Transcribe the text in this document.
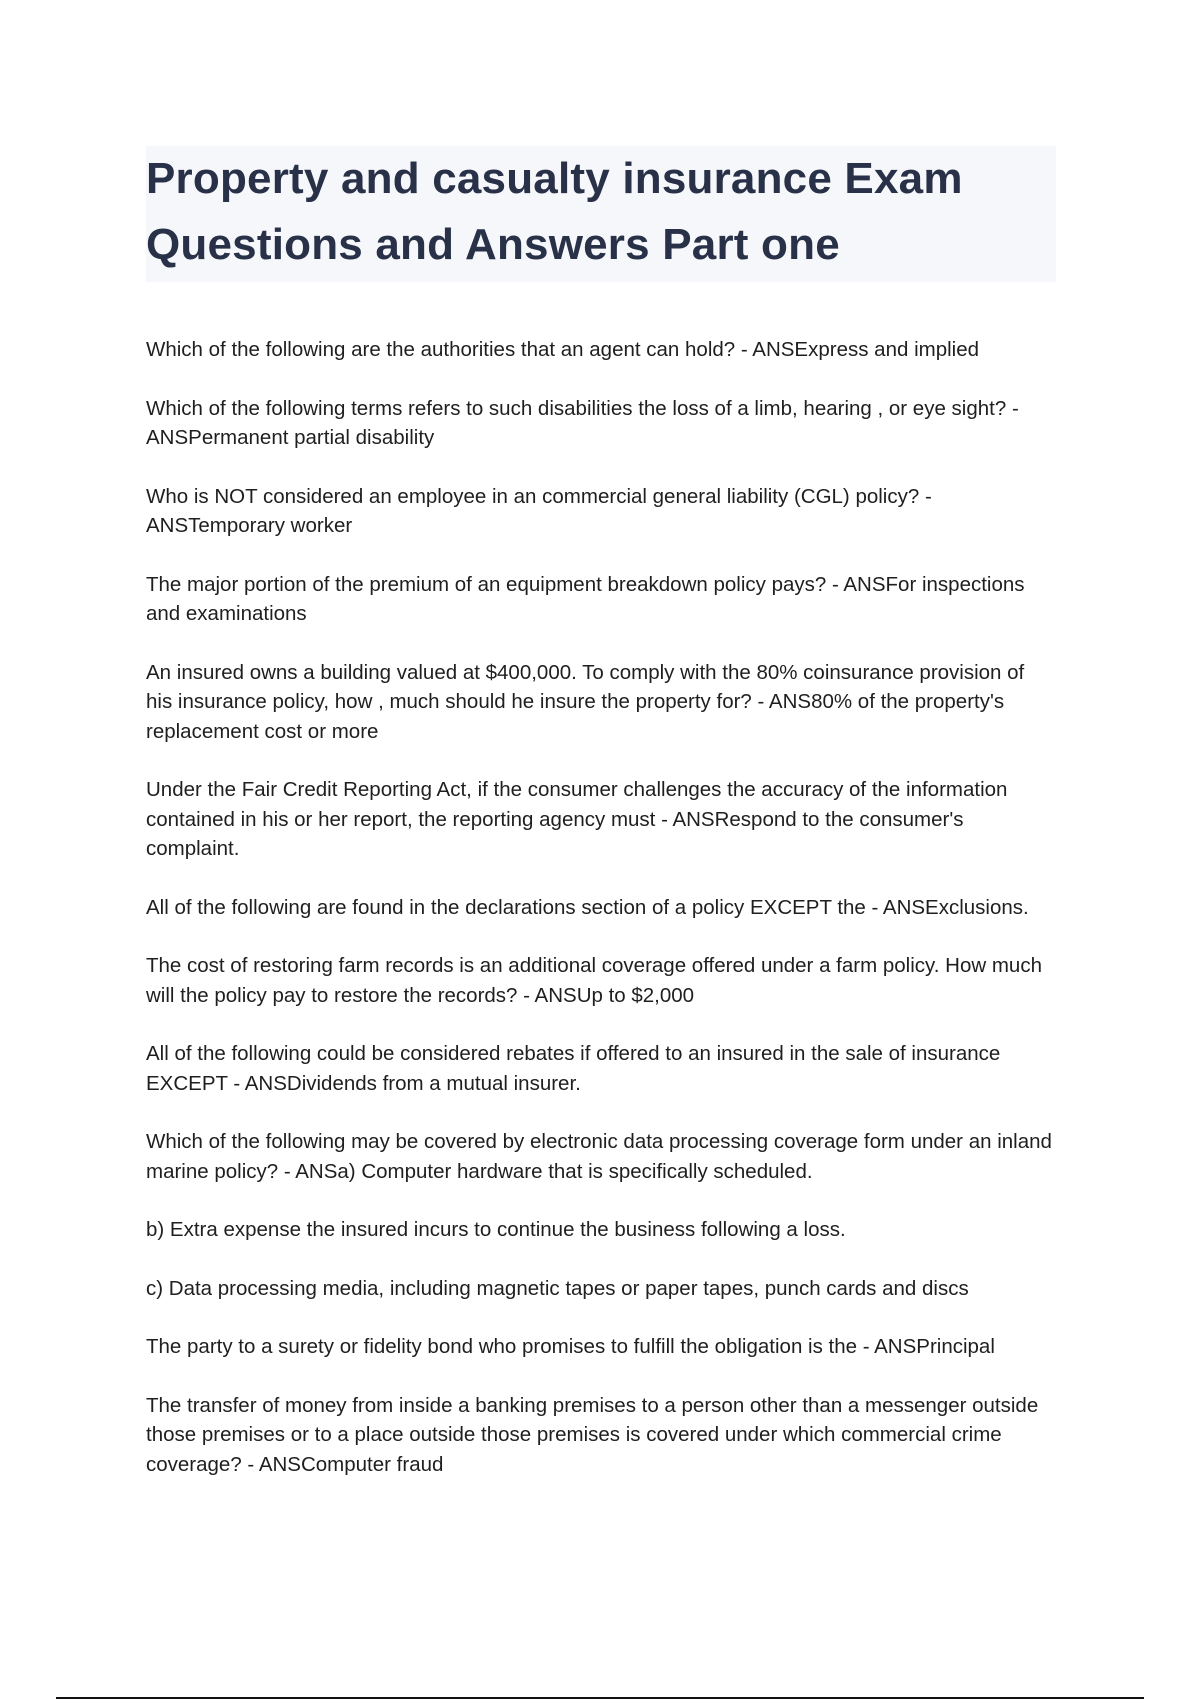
Property and casualty insurance Exam
Questions and Answers Part one

Which of the following are the authorities that an agent can hold? - ANSExpress and implied

Which of the following terms refers to such disabilities the loss of a limb, hearing , or eye sight? - ANSPermanent partial disability

Who is NOT considered an employee in an commercial general liability (CGL) policy? - ANSTemporary worker

The major portion of the premium of an equipment breakdown policy pays? - ANSFor inspections and examinations

An insured owns a building valued at $400,000. To comply with the 80% coinsurance provision of his insurance policy, how , much should he insure the property for? - ANS80% of the property's replacement cost or more

Under the Fair Credit Reporting Act, if the consumer challenges the accuracy of the information contained in his or her report, the reporting agency must - ANSRespond to the consumer's complaint.

All of the following are found in the declarations section of a policy EXCEPT the - ANSExclusions.

The cost of restoring farm records is an additional coverage offered under a farm policy. How much will the policy pay to restore the records? - ANSUp to $2,000

All of the following could be considered rebates if offered to an insured in the sale of insurance EXCEPT - ANSDividends from a mutual insurer.

Which of the following may be covered by electronic data processing coverage form under an inland marine policy? - ANSa) Computer hardware that is specifically scheduled.

b) Extra expense the insured incurs to continue the business following a loss.

c) Data processing media, including magnetic tapes or paper tapes, punch cards and discs

The party to a surety or fidelity bond who promises to fulfill the obligation is the - ANSPrincipal

The transfer of money from inside a banking premises to a person other than a messenger outside those premises or to a place outside those premises is covered under which commercial crime coverage? - ANSComputer fraud
